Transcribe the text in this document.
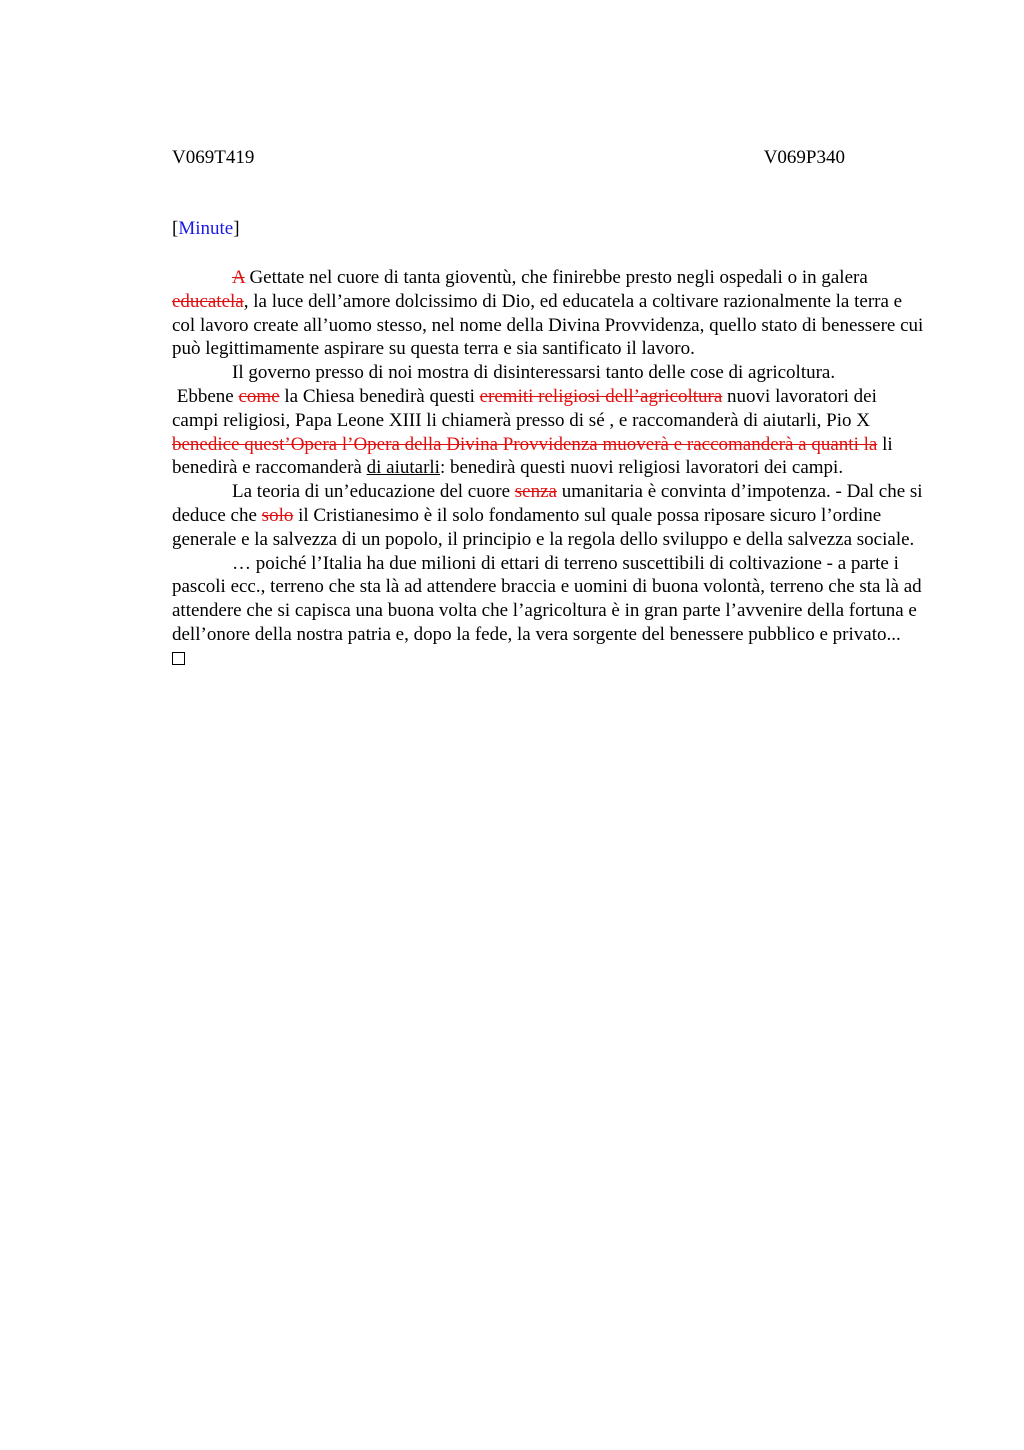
V069T419	V069P340
[Minute]

A Gettate nel cuore di tanta gioventù, che finirebbe presto negli ospedali o in galera educatela, la luce dell’amore dolcissimo di Dio, ed educatela a coltivare razionalmente la terra e col lavoro create all’uomo stesso, nel nome della Divina Provvidenza, quello stato di benessere cui può legittimamente aspirare su questa terra e sia santificato il lavoro.

Il governo presso di noi mostra di disinteressarsi tanto delle cose di agricoltura.

Ebbene come la Chiesa benedirà questi eremiti religiosi dell’agricoltura nuovi lavoratori dei campi religiosi, Papa Leone XIII li chiamerà presso di sé , e raccomanderà di aiutarli, Pio X benedice quest’Opera l’Opera della Divina Provvidenza muoverà e raccomanderà a quanti la li benedirà e raccomanderà di aiutarli: benedirà questi nuovi religiosi lavoratori dei campi.

La teoria di un’educazione del cuore senza umanitaria è convinta d’impotenza. - Dal che si deduce che solo il Cristianesimo è il solo fondamento sul quale possa riposare sicuro l’ordine generale e la salvezza di un popolo, il principio e la regola dello sviluppo e della salvezza sociale.

… poiché l’Italia ha due milioni di ettari di terreno suscettibili di coltivazione - a parte i pascoli ecc., terreno che sta là ad attendere braccia e uomini di buona volontà, terreno che sta là ad attendere che si capisca una buona volta che l’agricoltura è in gran parte l’avvenire della fortuna e dell’onore della nostra patria e, dopo la fede, la vera sorgente del benessere pubblico e privato...
